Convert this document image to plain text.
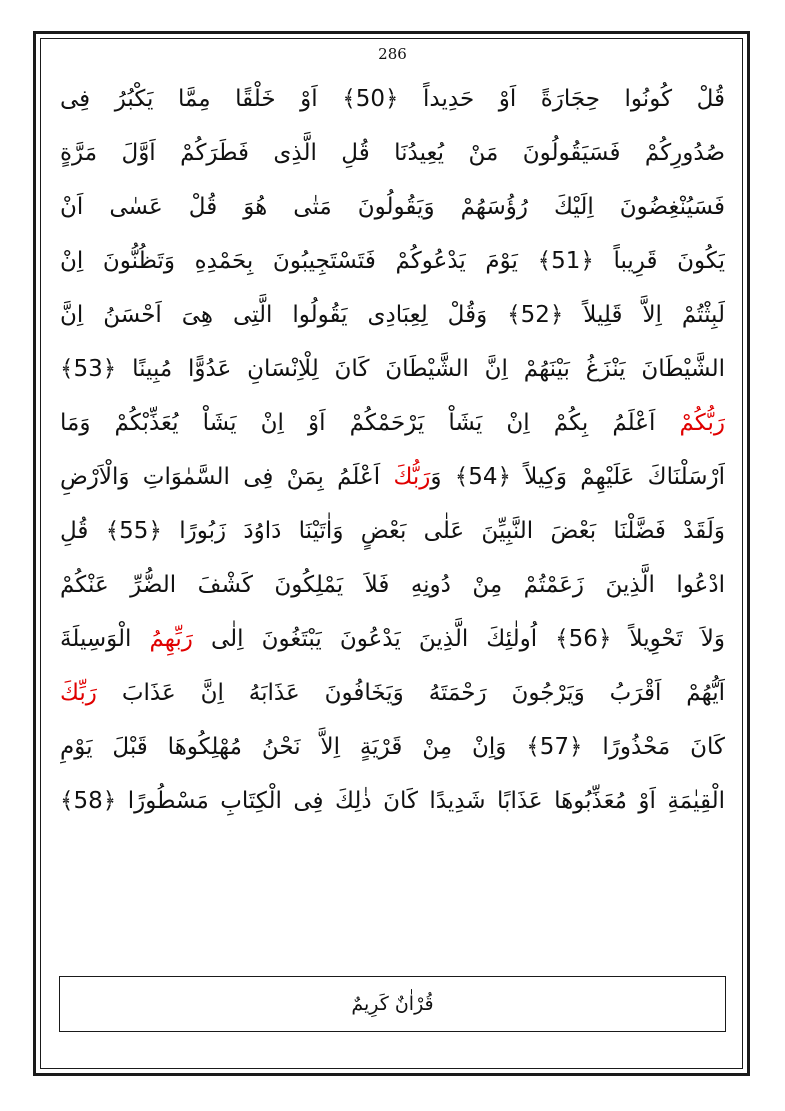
286
قُلْ كُونُوا حِجَارَةً اَوْ حَدِيداً ﴿50﴾ اَوْ خَلْقًا مِمَّا يَكْبُرُ فِى
صُدُورِكُمْ فَسَيَقُولُونَ مَنْ يُعِيدُنَا قُلِ الَّذِى فَطَرَكُمْ اَوَّلَ مَرَّةٍ
فَسَيُنْغِضُونَ اِلَيْكَ رُؤُسَهُمْ وَيَقُولُونَ مَتٰى هُوَ قُلْ عَسٰى اَنْ
يَكُونَ قَرِيباً ﴿51﴾ يَوْمَ يَدْعُوكُمْ فَتَسْتَجِيبُونَ بِحَمْدِهِ وَتَظُنُّونَ اِنْ
لَبِثْتُمْ اِلاَّ قَلِيلاً ﴿52﴾ وَقُلْ لِعِبَادِى يَقُولُوا الَّتِى هِىَ اَحْسَنُ اِنَّ
الشَّيْطَانَ يَنْزَغُ بَيْنَهُمْ اِنَّ الشَّيْطَانَ كَانَ لِلْاِنْسَانِ عَدُوًّا مُبِينًا ﴿53﴾
رَبُّكُمْ اَعْلَمُ بِكُمْ اِنْ يَشَاْ يَرْحَمْكُمْ اَوْ اِنْ يَشَاْ يُعَذِّبْكُمْ وَمَا
اَرْسَلْنَاكَ عَلَيْهِمْ وَكِيلاً ﴿54﴾ وَرَبُّكَ اَعْلَمُ بِمَنْ فِى السَّمٰوَاتِ وَالْاَرْضِ
وَلَقَدْ فَضَّلْنَا بَعْضَ النَّبِيِّنَ عَلٰى بَعْضٍ وَاٰتَيْنَا دَاوُدَ زَبُورًا ﴿55﴾ قُلِ
ادْعُوا الَّذِينَ زَعَمْتُمْ مِنْ دُونِهِ فَلاَ يَمْلِكُونَ كَشْفَ الضُّرِّ عَنْكُمْ
وَلاَ تَحْوِيلاً ﴿56﴾ اُولٰئِكَ الَّذِينَ يَدْعُونَ يَبْتَغُونَ اِلٰى رَبِّهِمُ الْوَسِيلَةَ
اَيُّهُمْ اَقْرَبُ وَيَرْجُونَ رَحْمَتَهُ وَيَخَافُونَ عَذَابَهُ اِنَّ عَذَابَ رَبِّكَ
كَانَ مَحْذُورًا ﴿57﴾ وَاِنْ مِنْ قَرْيَةٍ اِلاَّ نَحْنُ مُهْلِكُوهَا قَبْلَ يَوْمِ
الْقِيٰمَةِ اَوْ مُعَذِّبُوهَا عَذَابًا شَدِيدًا كَانَ ذٰلِكَ فِى الْكِتَابِ مَسْطُورًا ﴿58﴾
قُرْاٰنٌ كَرِيمٌ
